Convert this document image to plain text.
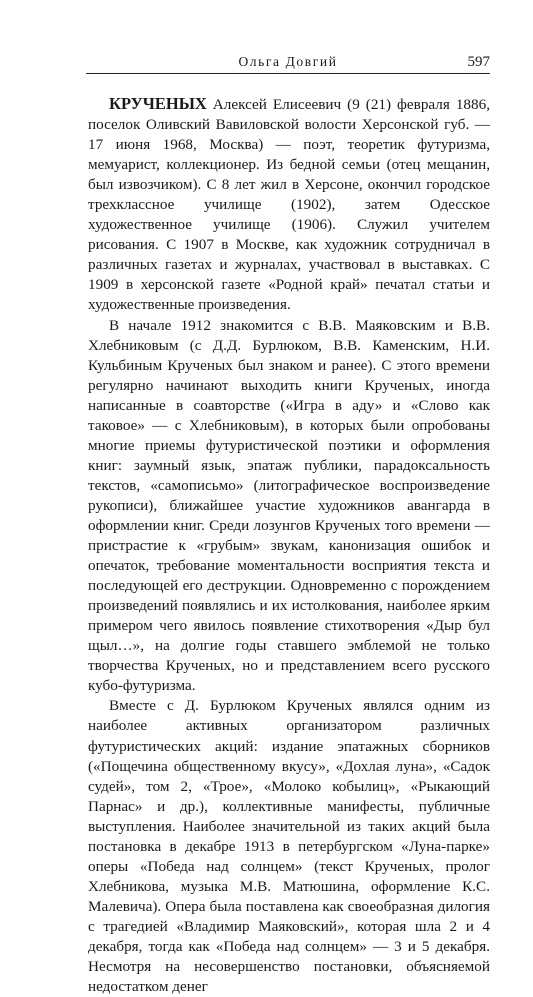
Ольга Довгий	597

КРУЧЕНЫХ Алексей Елисеевич (9 (21) февраля 1886, поселок Оливский Вавиловской волости Херсонской губ. — 17 июня 1968, Москва) — поэт, теоретик футуризма, мемуарист, коллекционер. Из бедной семьи (отец мещанин, был извозчиком). С 8 лет жил в Херсоне, окончил городское трехклассное училище (1902), затем Одесское художественное училище (1906). Служил учителем рисования. С 1907 в Москве, как художник сотрудничал в различных газетах и журналах, участвовал в выставках. С 1909 в херсонской газете «Родной край» печатал статьи и художественные произведения.

В начале 1912 знакомится с В.В. Маяковским и В.В. Хлебниковым (с Д.Д. Бурлюком, В.В. Каменским, Н.И. Кульбиным Крученых был знаком и ранее). С этого времени регулярно начинают выходить книги Крученых, иногда написанные в соавторстве («Игра в аду» и «Слово как таковое» — с Хлебниковым), в которых были опробованы многие приемы футуристической поэтики и оформления книг: заумный язык, эпатаж публики, парадоксальность текстов, «самописьмо» (литографическое воспроизведение рукописи), ближайшее участие художников авангарда в оформлении книг. Среди лозунгов Крученых того времени — пристрастие к «грубым» звукам, канонизация ошибок и опечаток, требование моментальности восприятия текста и последующей его деструкции. Одновременно с порождением произведений появлялись и их истолкования, наиболее ярким примером чего явилось появление стихотворения «Дыр бул щыл…», на долгие годы ставшего эмблемой не только творчества Крученых, но и представлением всего русского кубо-футуризма.

Вместе с Д. Бурлюком Крученых являлся одним из наиболее активных организатором различных футуристических акций: издание эпатажных сборников («Пощечина общественному вкусу», «Дохлая луна», «Садок судей», том 2, «Трое», «Молоко кобылиц», «Рыкающий Парнас» и др.), коллективные манифесты, публичные выступления. Наиболее значительной из таких акций была постановка в декабре 1913 в петербургском «Луна-парке» оперы «Победа над солнцем» (текст Крученых, пролог Хлебникова, музыка М.В. Матюшина, оформление К.С. Малевича). Опера была поставлена как своеобразная дилогия с трагедией «Владимир Маяковский», которая шла 2 и 4 декабря, тогда как «Победа над солнцем» — 3 и 5 декабря. Несмотря на несовершенство постановки, объясняемой недостатком денег
